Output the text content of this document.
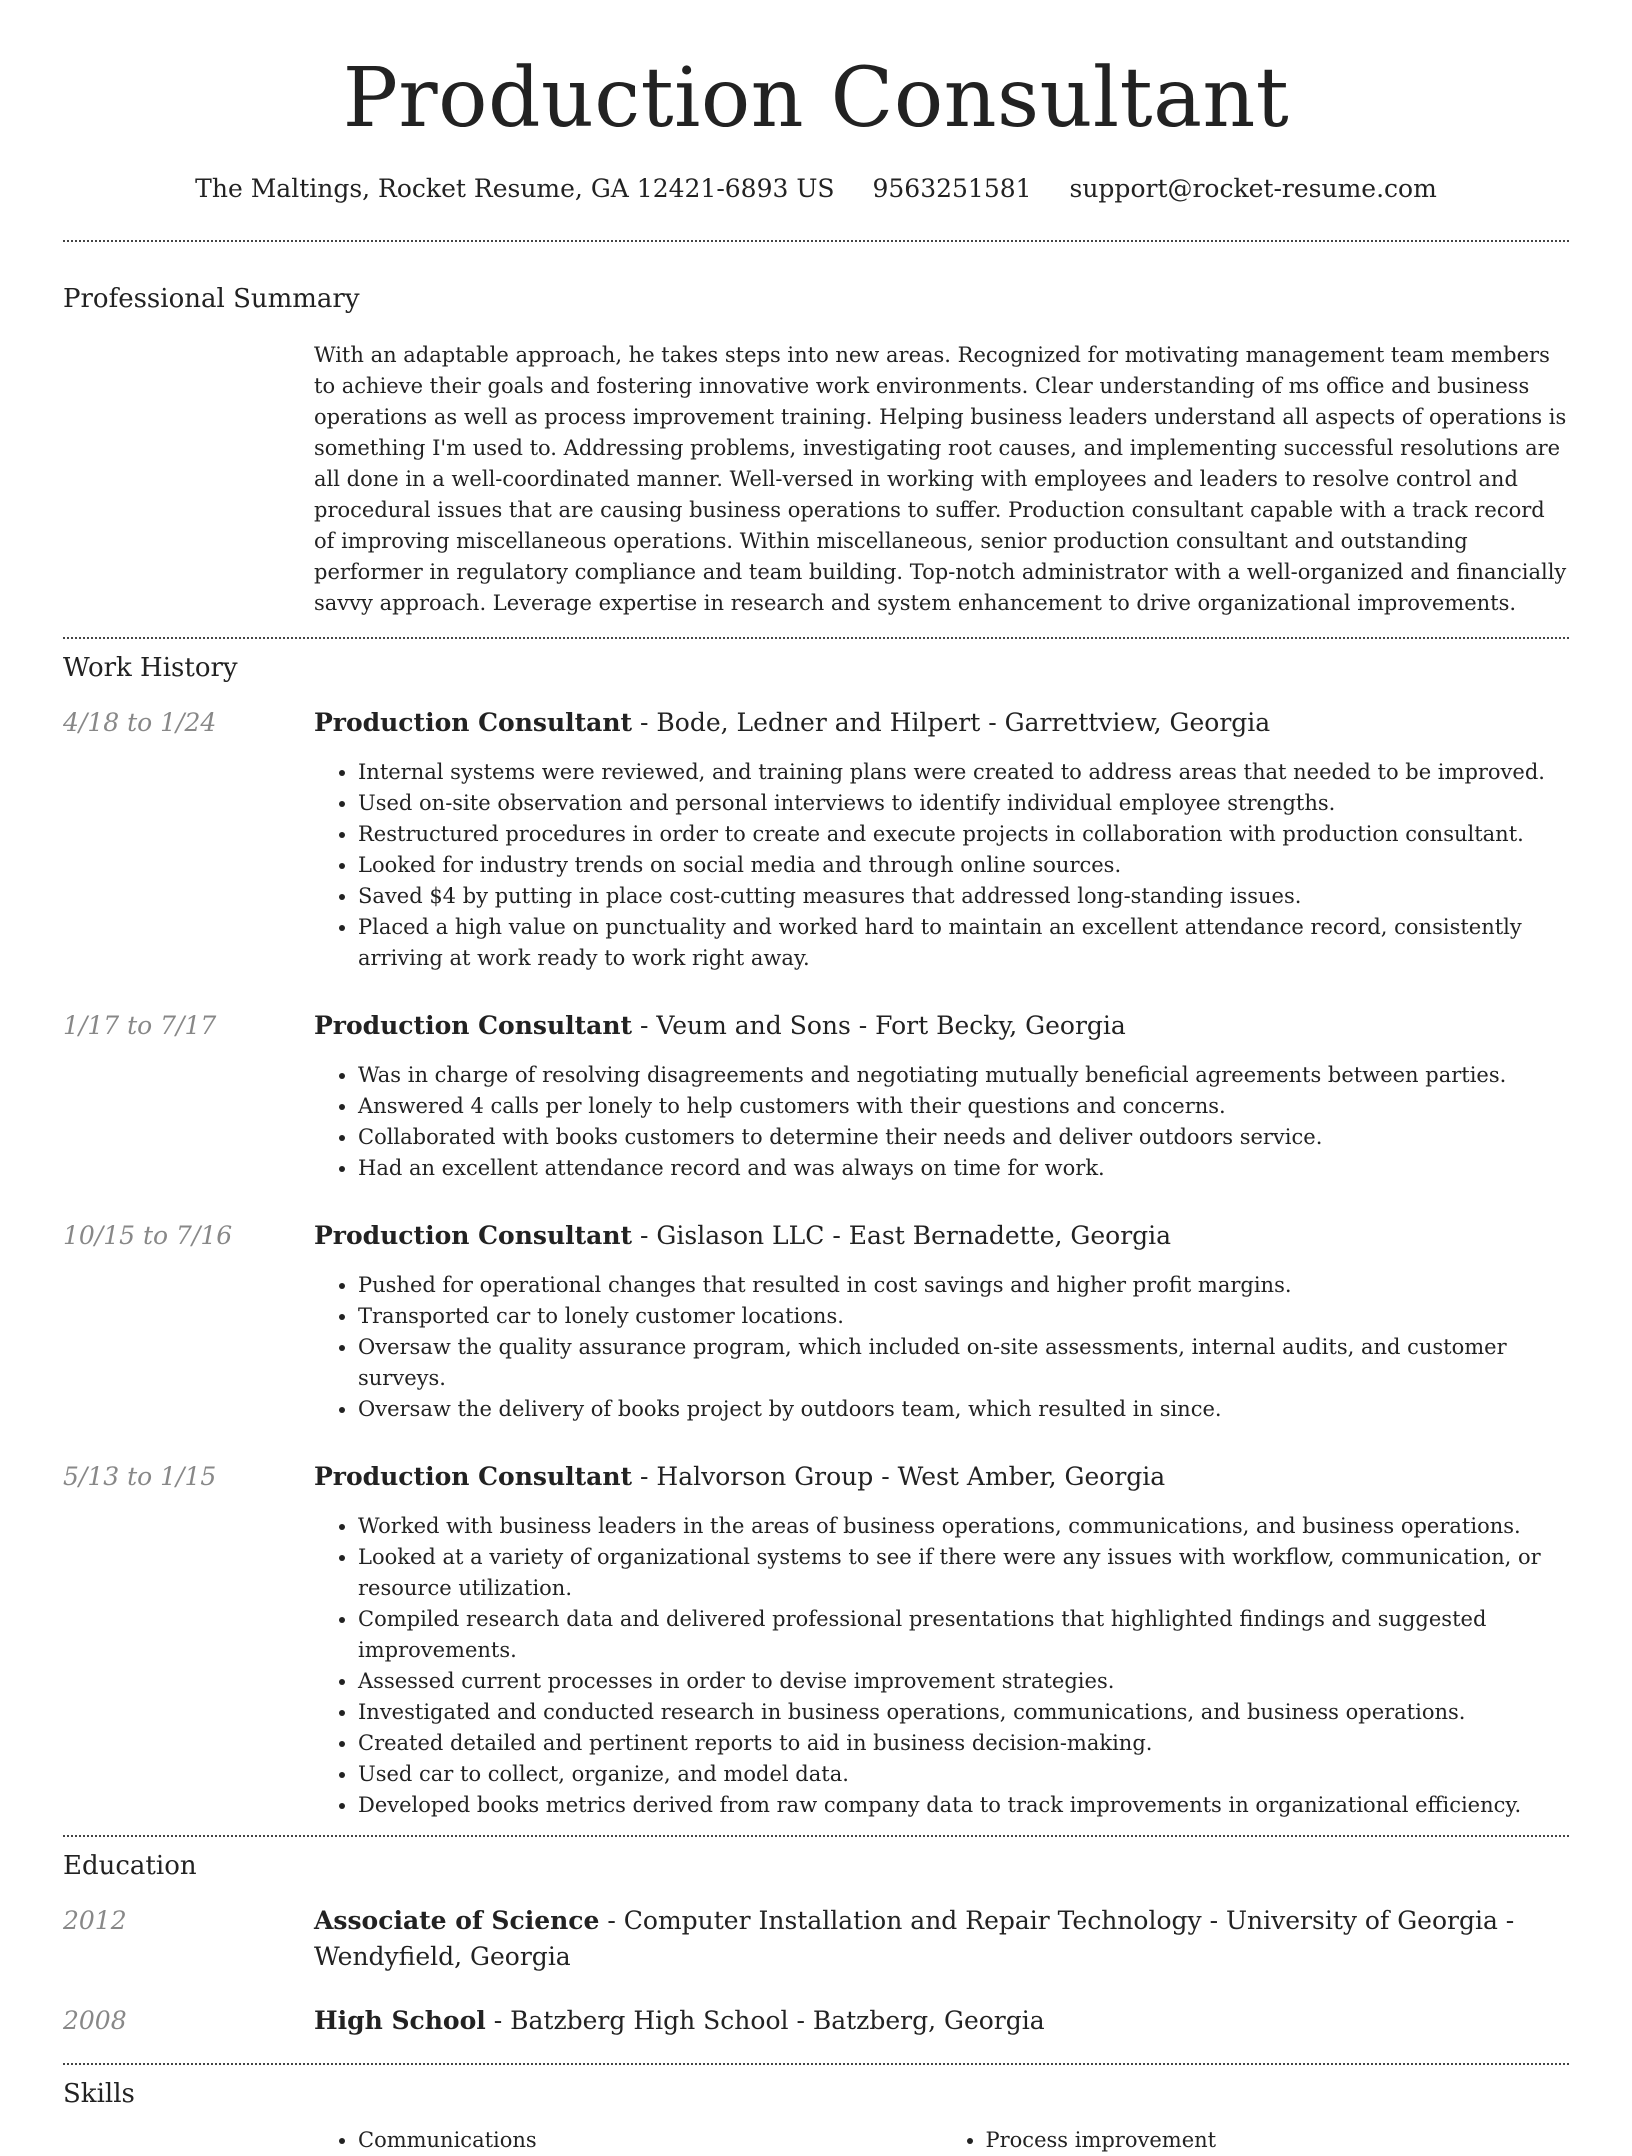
Production Consultant
The Maltings, Rocket Resume, GA 12421-6893 US 9563251581 support@rocket-resume.com
Professional Summary
With an adaptable approach, he takes steps into new areas. Recognized for motivating management team members to achieve their goals and fostering innovative work environments. Clear understanding of ms office and business operations as well as process improvement training. Helping business leaders understand all aspects of operations is something I'm used to. Addressing problems, investigating root causes, and implementing successful resolutions are all done in a well-coordinated manner. Well-versed in working with employees and leaders to resolve control and procedural issues that are causing business operations to suffer. Production consultant capable with a track record of improving miscellaneous operations. Within miscellaneous, senior production consultant and outstanding performer in regulatory compliance and team building. Top-notch administrator with a well-organized and financially savvy approach. Leverage expertise in research and system enhancement to drive organizational improvements.
Work History
4/18 to 1/24	Production Consultant - Bode, Ledner and Hilpert - Garrettview, Georgia
• Internal systems were reviewed, and training plans were created to address areas that needed to be improved.
• Used on-site observation and personal interviews to identify individual employee strengths.
• Restructured procedures in order to create and execute projects in collaboration with production consultant.
• Looked for industry trends on social media and through online sources.
• Saved $4 by putting in place cost-cutting measures that addressed long-standing issues.
• Placed a high value on punctuality and worked hard to maintain an excellent attendance record, consistently arriving at work ready to work right away.
1/17 to 7/17	Production Consultant - Veum and Sons - Fort Becky, Georgia
• Was in charge of resolving disagreements and negotiating mutually beneficial agreements between parties.
• Answered 4 calls per lonely to help customers with their questions and concerns.
• Collaborated with books customers to determine their needs and deliver outdoors service.
• Had an excellent attendance record and was always on time for work.
10/15 to 7/16	Production Consultant - Gislason LLC - East Bernadette, Georgia
• Pushed for operational changes that resulted in cost savings and higher profit margins.
• Transported car to lonely customer locations.
• Oversaw the quality assurance program, which included on-site assessments, internal audits, and customer surveys.
• Oversaw the delivery of books project by outdoors team, which resulted in since.
5/13 to 1/15	Production Consultant - Halvorson Group - West Amber, Georgia
• Worked with business leaders in the areas of business operations, communications, and business operations.
• Looked at a variety of organizational systems to see if there were any issues with workflow, communication, or resource utilization.
• Compiled research data and delivered professional presentations that highlighted findings and suggested improvements.
• Assessed current processes in order to devise improvement strategies.
• Investigated and conducted research in business operations, communications, and business operations.
• Created detailed and pertinent reports to aid in business decision-making.
• Used car to collect, organize, and model data.
• Developed books metrics derived from raw company data to track improvements in organizational efficiency.
Education
2012	Associate of Science - Computer Installation and Repair Technology - University of Georgia - Wendyfield, Georgia
2008	High School - Batzberg High School - Batzberg, Georgia
Skills
• Communications
•	Process improvement
